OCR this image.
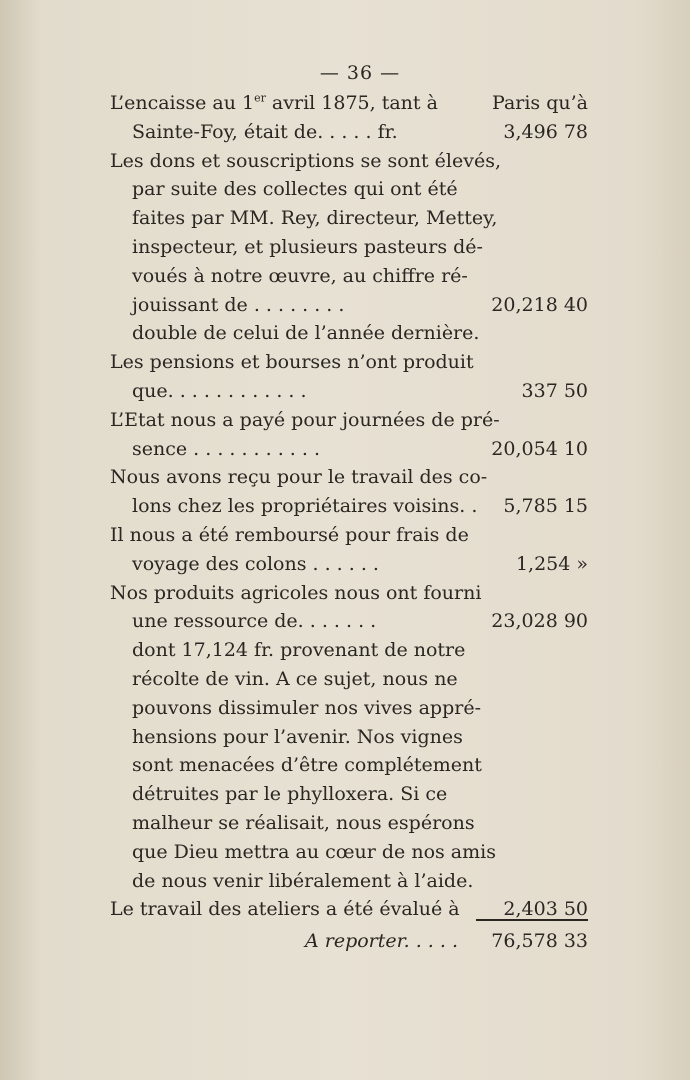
— 36 —
L’encaisse au 1er avril 1875, tant à	Paris qu’à
Sainte-Foy, était de. . . . . fr.	3,496 78
Les dons et souscriptions se sont élevés,
par suite des collectes qui ont été
faites par MM. Rey, directeur, Mettey,
inspecteur, et plusieurs pasteurs dé-
voués à notre œuvre, au chiffre ré-
jouissant de . . . . . . . .	20,218 40
double de celui de l’année dernière.
Les pensions et bourses n’ont produit
que. . . . . . . . . . . .	337 50
L’Etat nous a payé pour journées de pré-
sence . . . . . . . . . . .	20,054 10
Nous avons reçu pour le travail des co-
lons chez les propriétaires voisins. . 5,785 15
Il nous a été remboursé pour frais de
voyage des colons . . . . . .	1,254 »
Nos produits agricoles nous ont fourni
une ressource de. . . . . . .	23,028 90
dont 17,124 fr. provenant de notre
récolte de vin. A ce sujet, nous ne
pouvons dissimuler nos vives appré-
hensions pour l’avenir. Nos vignes
sont menacées d’être complétement
détruites par le phylloxera. Si ce
malheur se réalisait, nous espérons
que Dieu mettra au cœur de nos amis
de nous venir libéralement à l’aide.
Le travail des ateliers a été évalué à 2,403 50
A reporter. . . . . 76,578 33
